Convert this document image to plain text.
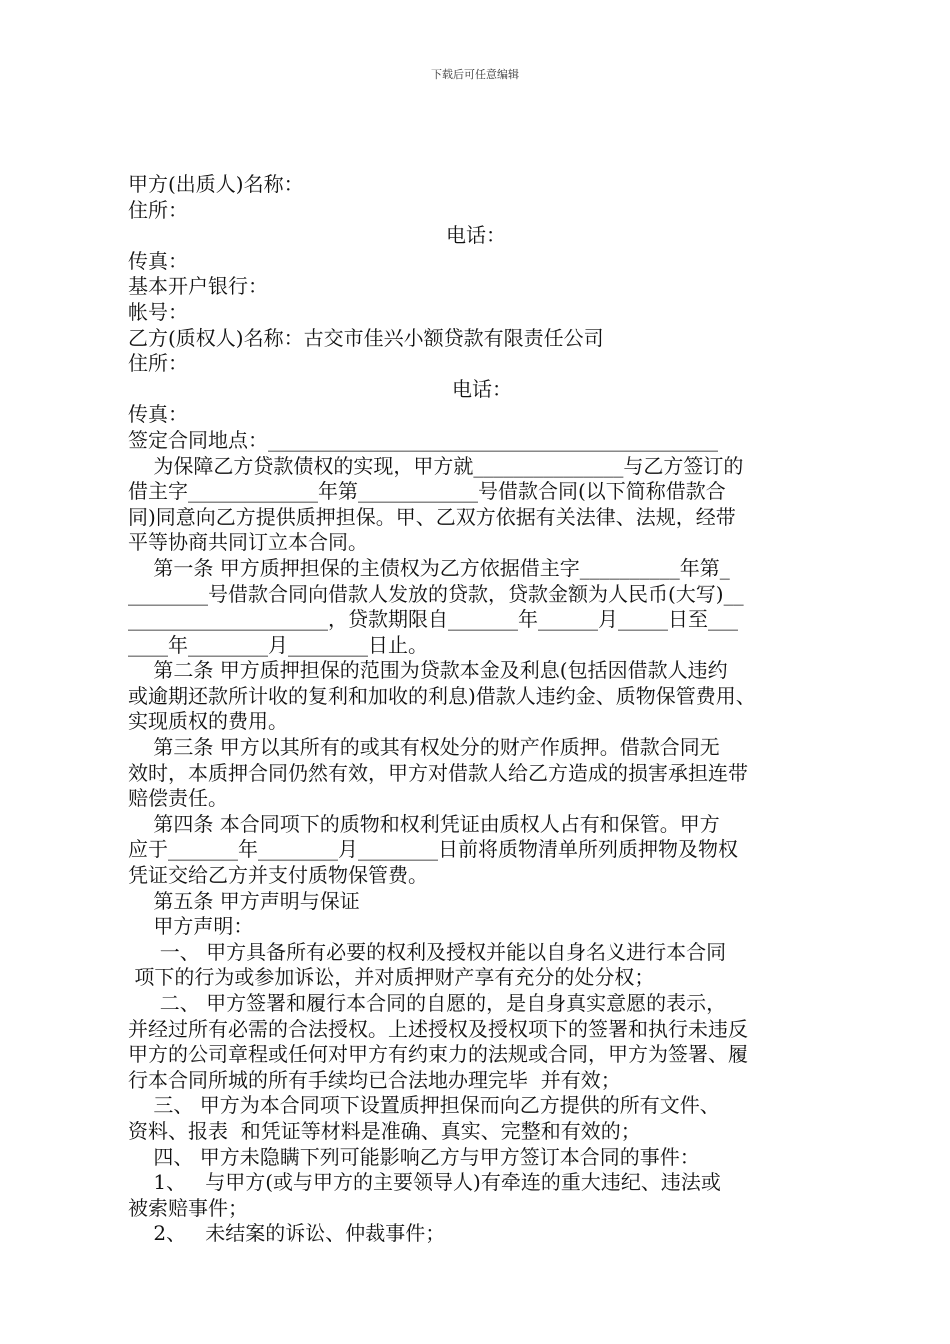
下载后可任意编辑
甲方(出质人)名称：
住所：

电话：

传真：
基本开户银行：
帐号：
乙方(质权人)名称：古交市佳兴小额贷款有限责任公司
住所：

电话：

传真：
签定合同地点：_____________________________________________
为保障乙方贷款债权的实现，甲方就_______________与乙方签订的
借主字_____________年第____________号借款合同(以下简称借款合
同)同意向乙方提供质押担保。甲、乙双方依据有关法律、法规，经带
平等协商共同订立本合同。
第一条 甲方质押担保的主债权为乙方依据借主字__________年第_
________号借款合同向借款人发放的贷款，贷款金额为人民币(大写)__
____________________，贷款期限自_______年______月_____日至___
____年________月________日止。
第二条 甲方质押担保的范围为贷款本金及利息(包括因借款人违约
或逾期还款所计收的复利和加收的利息)借款人违约金、质物保管费用、
实现质权的费用。
第三条 甲方以其所有的或其有权处分的财产作质押。借款合同无
效时，本质押合同仍然有效，甲方对借款人给乙方造成的损害承担连带
赔偿责任。
第四条 本合同项下的质物和权利凭证由质权人占有和保管。甲方
应于_______年________月________日前将质物清单所列质押物及物权
凭证交给乙方并支付质物保管费。
第五条 甲方声明与保证
甲方声明：
一、 甲方具备所有必要的权利及授权并能以自身名义进行本合同
项下的行为或参加诉讼，并对质押财产享有充分的处分权；
二、 甲方签署和履行本合同的自愿的，是自身真实意愿的表示，
并经过所有必需的合法授权。上述授权及授权项下的签署和执行未违反
甲方的公司章程或任何对甲方有约束力的法规或合同，甲方为签署、履
行本合同所城的所有手续均已合法地办理完毕  并有效；
三、 甲方为本合同项下设置质押担保而向乙方提供的所有文件、
资料、报表  和凭证等材料是准确、真实、完整和有效的；
四、 甲方未隐瞒下列可能影响乙方与甲方签订本合同的事件：
1、   与甲方(或与甲方的主要领导人)有牵连的重大违纪、违法或
被索赔事件；
2、   未结案的诉讼、仲裁事件；
